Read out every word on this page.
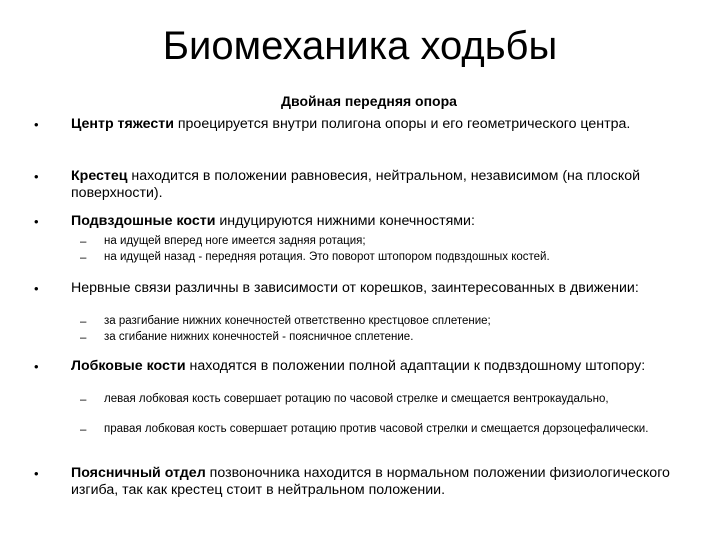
Биомеханика ходьбы
Двойная передняя опора
• Центр тяжести проецируется внутри полигона опоры и его геометрического центра.
• Крестец находится в положении равновесия, нейтральном, независимом (на плоской поверхности).
• Подвздошные кости индуцируются нижними конечностями:
– на идущей вперед ноге имеется задняя ротация;
– на идущей назад - передняя ротация. Это поворот штопором подвздошных костей.
• Нервные связи различны в зависимости от корешков, заинтересованных в движении:
– за разгибание нижних конечностей ответственно крестцовое сплетение;
– за сгибание нижних конечностей - поясничное сплетение.
• Лобковые кости находятся в положении полной адаптации к подвздошному штопору:
– левая лобковая кость совершает ротацию по часовой стрелке и смещается вентрокаудально,
– правая лобковая кость совершает ротацию против часовой стрелки и смещается дорзоцефалически.
• Поясничный отдел позвоночника находится в нормальном положении физиологического изгиба, так как крестец стоит в нейтральном положении.
